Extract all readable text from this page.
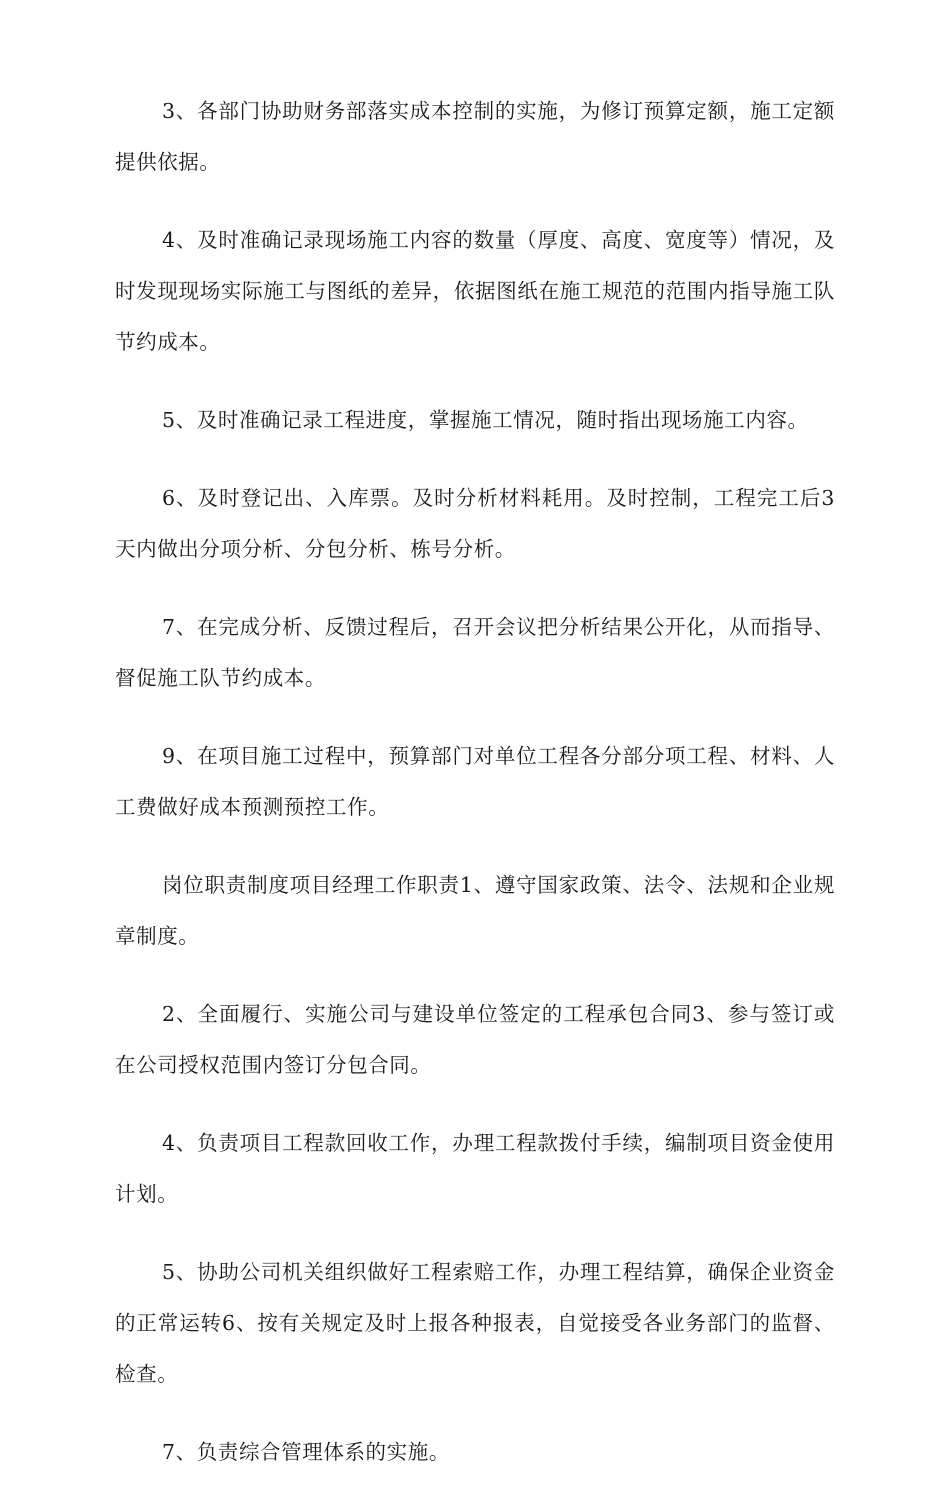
3、各部门协助财务部落实成本控制的实施，为修订预算定额，施工定额提供依据。

4、及时准确记录现场施工内容的数量（厚度、高度、宽度等）情况，及时发现现场实际施工与图纸的差异，依据图纸在施工规范的范围内指导施工队节约成本。

5、及时准确记录工程进度，掌握施工情况，随时指出现场施工内容。

6、及时登记出、入库票。及时分析材料耗用。及时控制，工程完工后3天内做出分项分析、分包分析、栋号分析。

7、在完成分析、反馈过程后，召开会议把分析结果公开化，从而指导、督促施工队节约成本。

9、在项目施工过程中，预算部门对单位工程各分部分项工程、材料、人工费做好成本预测预控工作。

岗位职责制度项目经理工作职责1、遵守国家政策、法令、法规和企业规章制度。

2、全面履行、实施公司与建设单位签定的工程承包合同3、参与签订或在公司授权范围内签订分包合同。

4、负责项目工程款回收工作，办理工程款拨付手续，编制项目资金使用计划。

5、协助公司机关组织做好工程索赔工作，办理工程结算，确保企业资金的正常运转6、按有关规定及时上报各种报表，自觉接受各业务部门的监督、检查。

7、负责综合管理体系的实施。
